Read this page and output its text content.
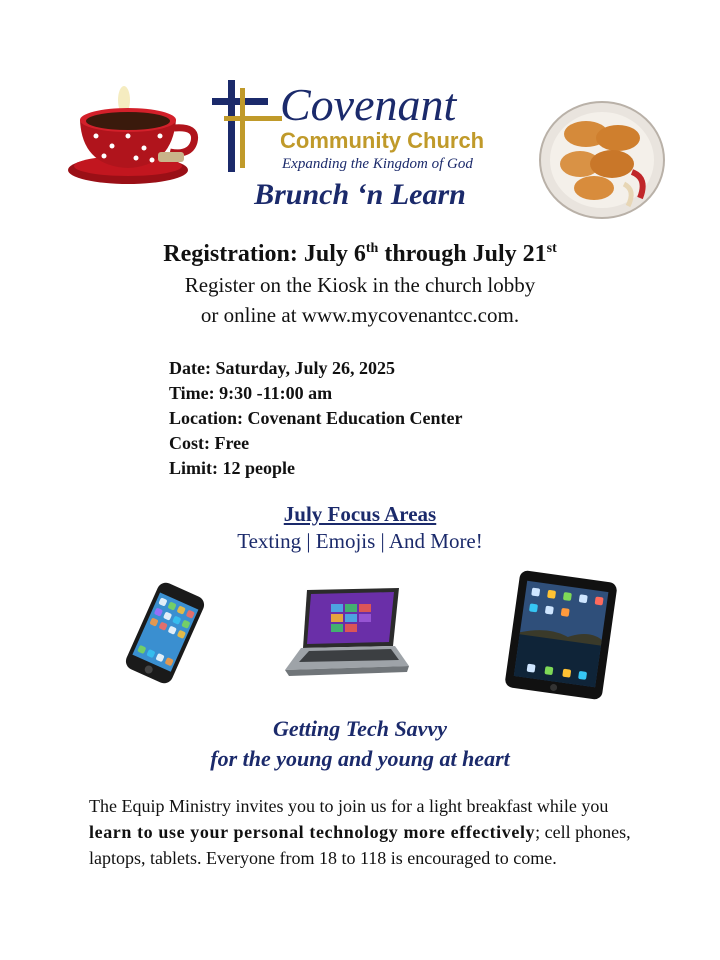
Covenant
Community Church
Expanding the Kingdom of God
Brunch ‘n Learn
Registration: July 6th through July 21st
Register on the Kiosk in the church lobby
or online at www.mycovenantcc.com.
Date: Saturday, July 26, 2025
Time: 9:30 -11:00 am
Location: Covenant Education Center
Cost: Free
Limit: 12 people
July Focus Areas
Texting | Emojis | And More!
Getting Tech Savvy
for the young and young at heart
The Equip Ministry invites you to join us for a light breakfast while you learn to use your personal technology more effectively; cell phones, laptops, tablets. Everyone from 18 to 118 is encouraged to come.
